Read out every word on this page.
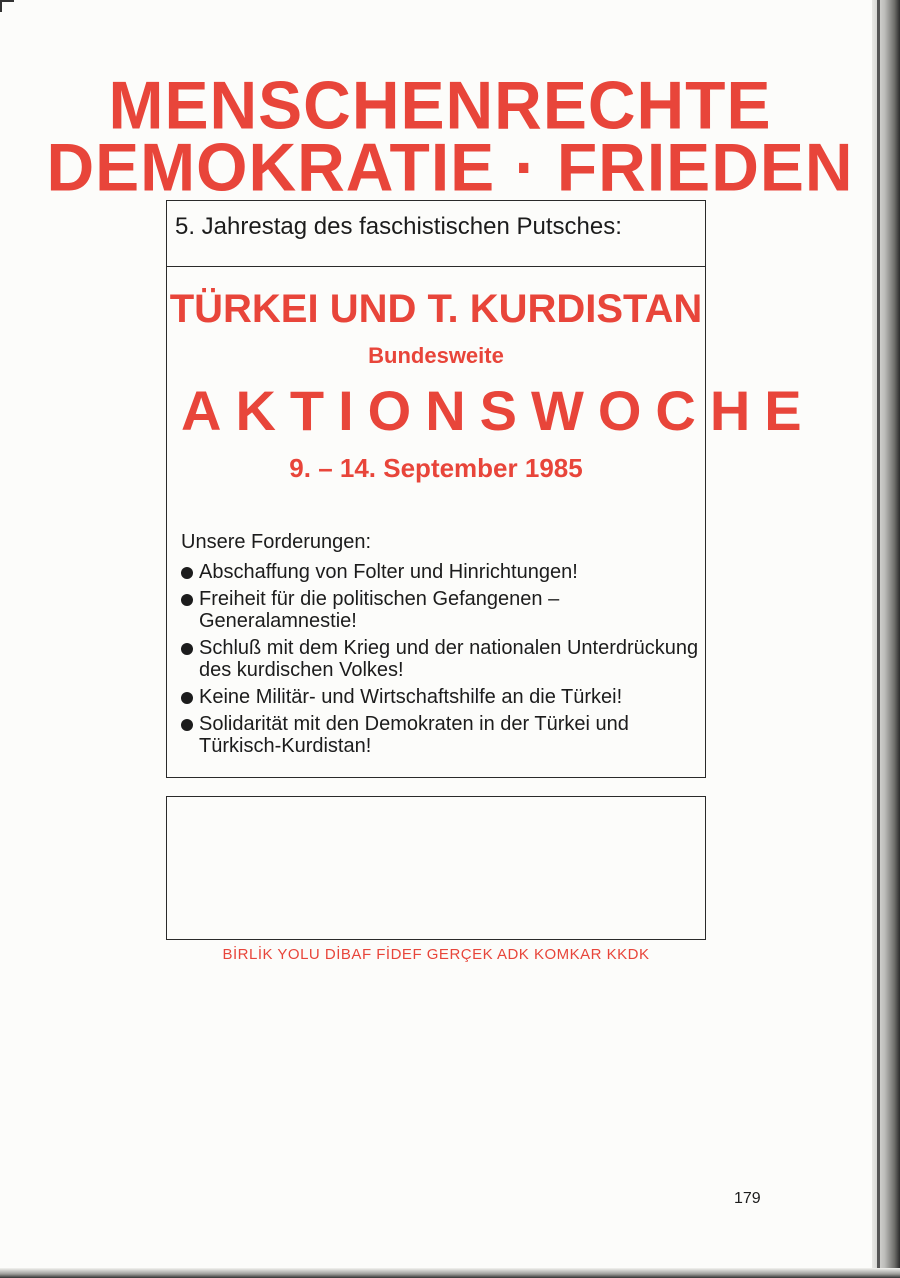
MENSCHENRECHTE
DEMOKRATIE · FRIEDEN
5. Jahrestag des faschistischen Putsches:
TÜRKEI UND T. KURDISTAN
Bundesweite
AKTIONSWOCHE
9. – 14. September 1985
Unsere Forderungen:
Abschaffung von Folter und Hinrichtungen!
Freiheit für die politischen Gefangenen – Generalamnestie!
Schluß mit dem Krieg und der nationalen Unterdrückung des kurdischen Volkes!
Keine Militär- und Wirtschaftshilfe an die Türkei!
Solidarität mit den Demokraten in der Türkei und Türkisch-Kurdistan!
BİRLİK YOLU DİBAF FİDEF GERÇEK ADK KOMKAR KKDK
179
